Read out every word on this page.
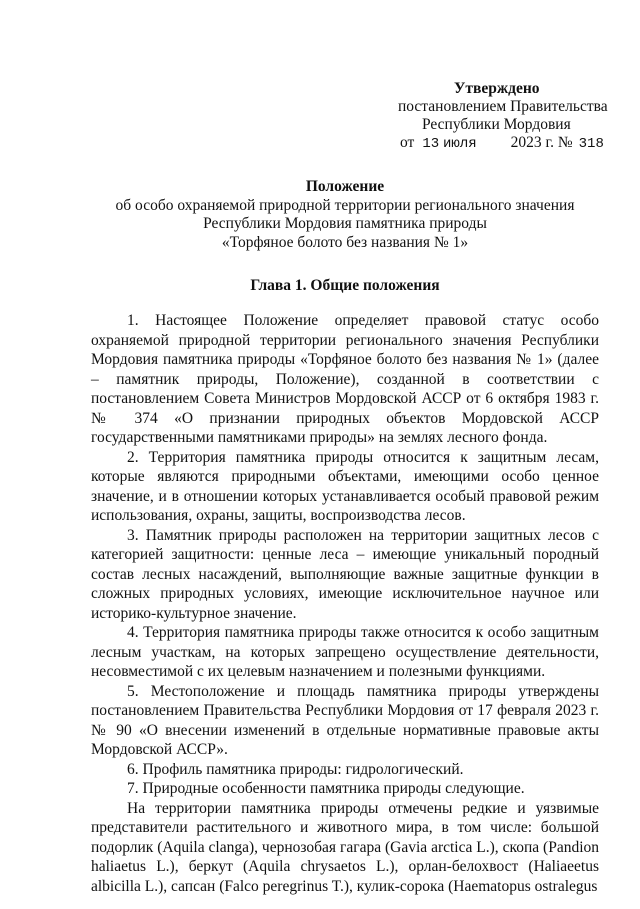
Утверждено
постановлением Правительства
Республики Мордовия
от 13 июля 2023 г. № 318
Положение
об особо охраняемой природной территории регионального значения
Республики Мордовия памятника природы
«Торфяное болото без названия № 1»
Глава 1. Общие положения

1. Настоящее Положение определяет правовой статус особо охраняемой природной территории регионального значения Республики Мордовия памятника природы «Торфяное болото без названия № 1» (далее – памятник природы, Положение), созданной в соответствии с постановлением Совета Министров Мордовской АССР от 6 октября 1983 г. № 374 «О признании природных объектов Мордовской АССР государственными памятниками природы» на землях лесного фонда.

2. Территория памятника природы относится к защитным лесам, которые являются природными объектами, имеющими особо ценное значение, и в отношении которых устанавливается особый правовой режим использования, охраны, защиты, воспроизводства лесов.

3. Памятник природы расположен на территории защитных лесов с категорией защитности: ценные леса – имеющие уникальный породный состав лесных насаждений, выполняющие важные защитные функции в сложных природных условиях, имеющие исключительное научное или историко-культурное значение.

4. Территория памятника природы также относится к особо защитным лесным участкам, на которых запрещено осуществление деятельности, несовместимой с их целевым назначением и полезными функциями.

5. Местоположение и площадь памятника природы утверждены постановлением Правительства Республики Мордовия от 17 февраля 2023 г. № 90 «О внесении изменений в отдельные нормативные правовые акты Мордовской АССР».

6. Профиль памятника природы: гидрологический.

7. Природные особенности памятника природы следующие.

На территории памятника природы отмечены редкие и уязвимые представители растительного и животного мира, в том числе: большой подорлик (Aquila clanga), чернозобая гагара (Gavia arctica L.), скопа (Pandion haliaetus L.), беркут (Aquila chrysaetos L.), орлан-белохвост (Haliaeetus albicilla L.), сапсан (Falco peregrinus T.), кулик-сорока (Haematopus ostralegus
